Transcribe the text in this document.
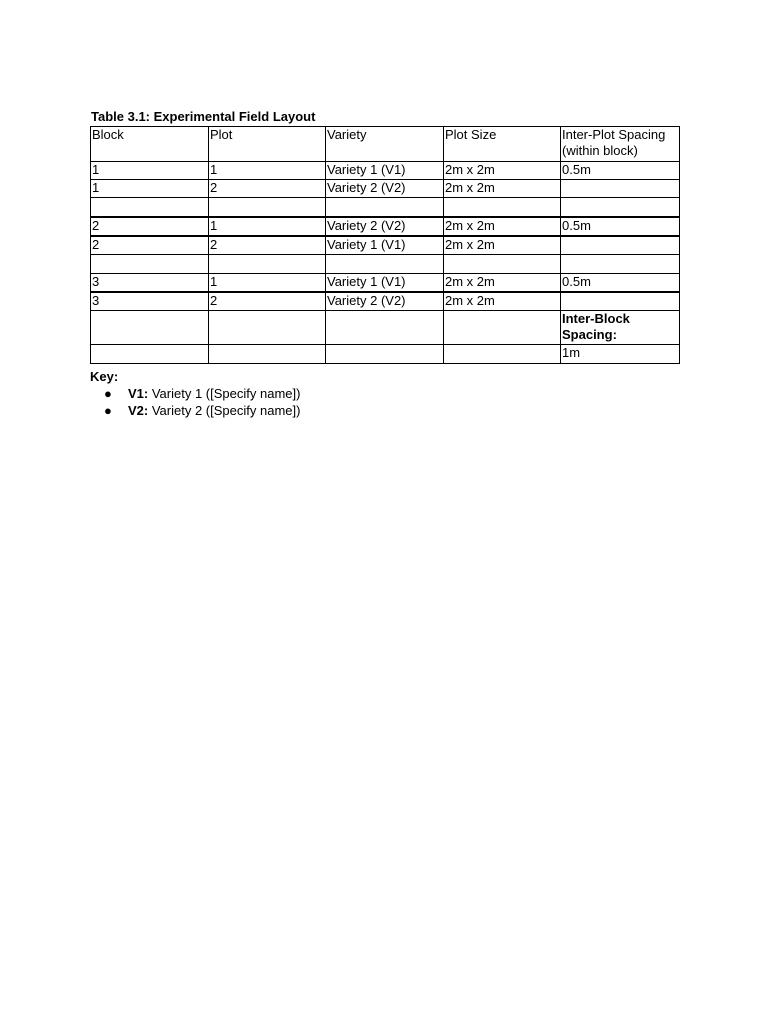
Table 3.1: Experimental Field Layout
Block	Plot	Variety	Plot Size	Inter-Plot Spacing (within block)
1	1	Variety 1 (V1)	2m x 2m	0.5m
1	2	Variety 2 (V2)	2m x 2m	

2	1	Variety 2 (V2)	2m x 2m	0.5m
2	2	Variety 1 (V1)	2m x 2m	

3	1	Variety 1 (V1)	2m x 2m	0.5m
3	2	Variety 2 (V2)	2m x 2m	
				Inter-Block Spacing:
				1m
Key:
● V1: Variety 1 ([Specify name])
● V2: Variety 2 ([Specify name])
